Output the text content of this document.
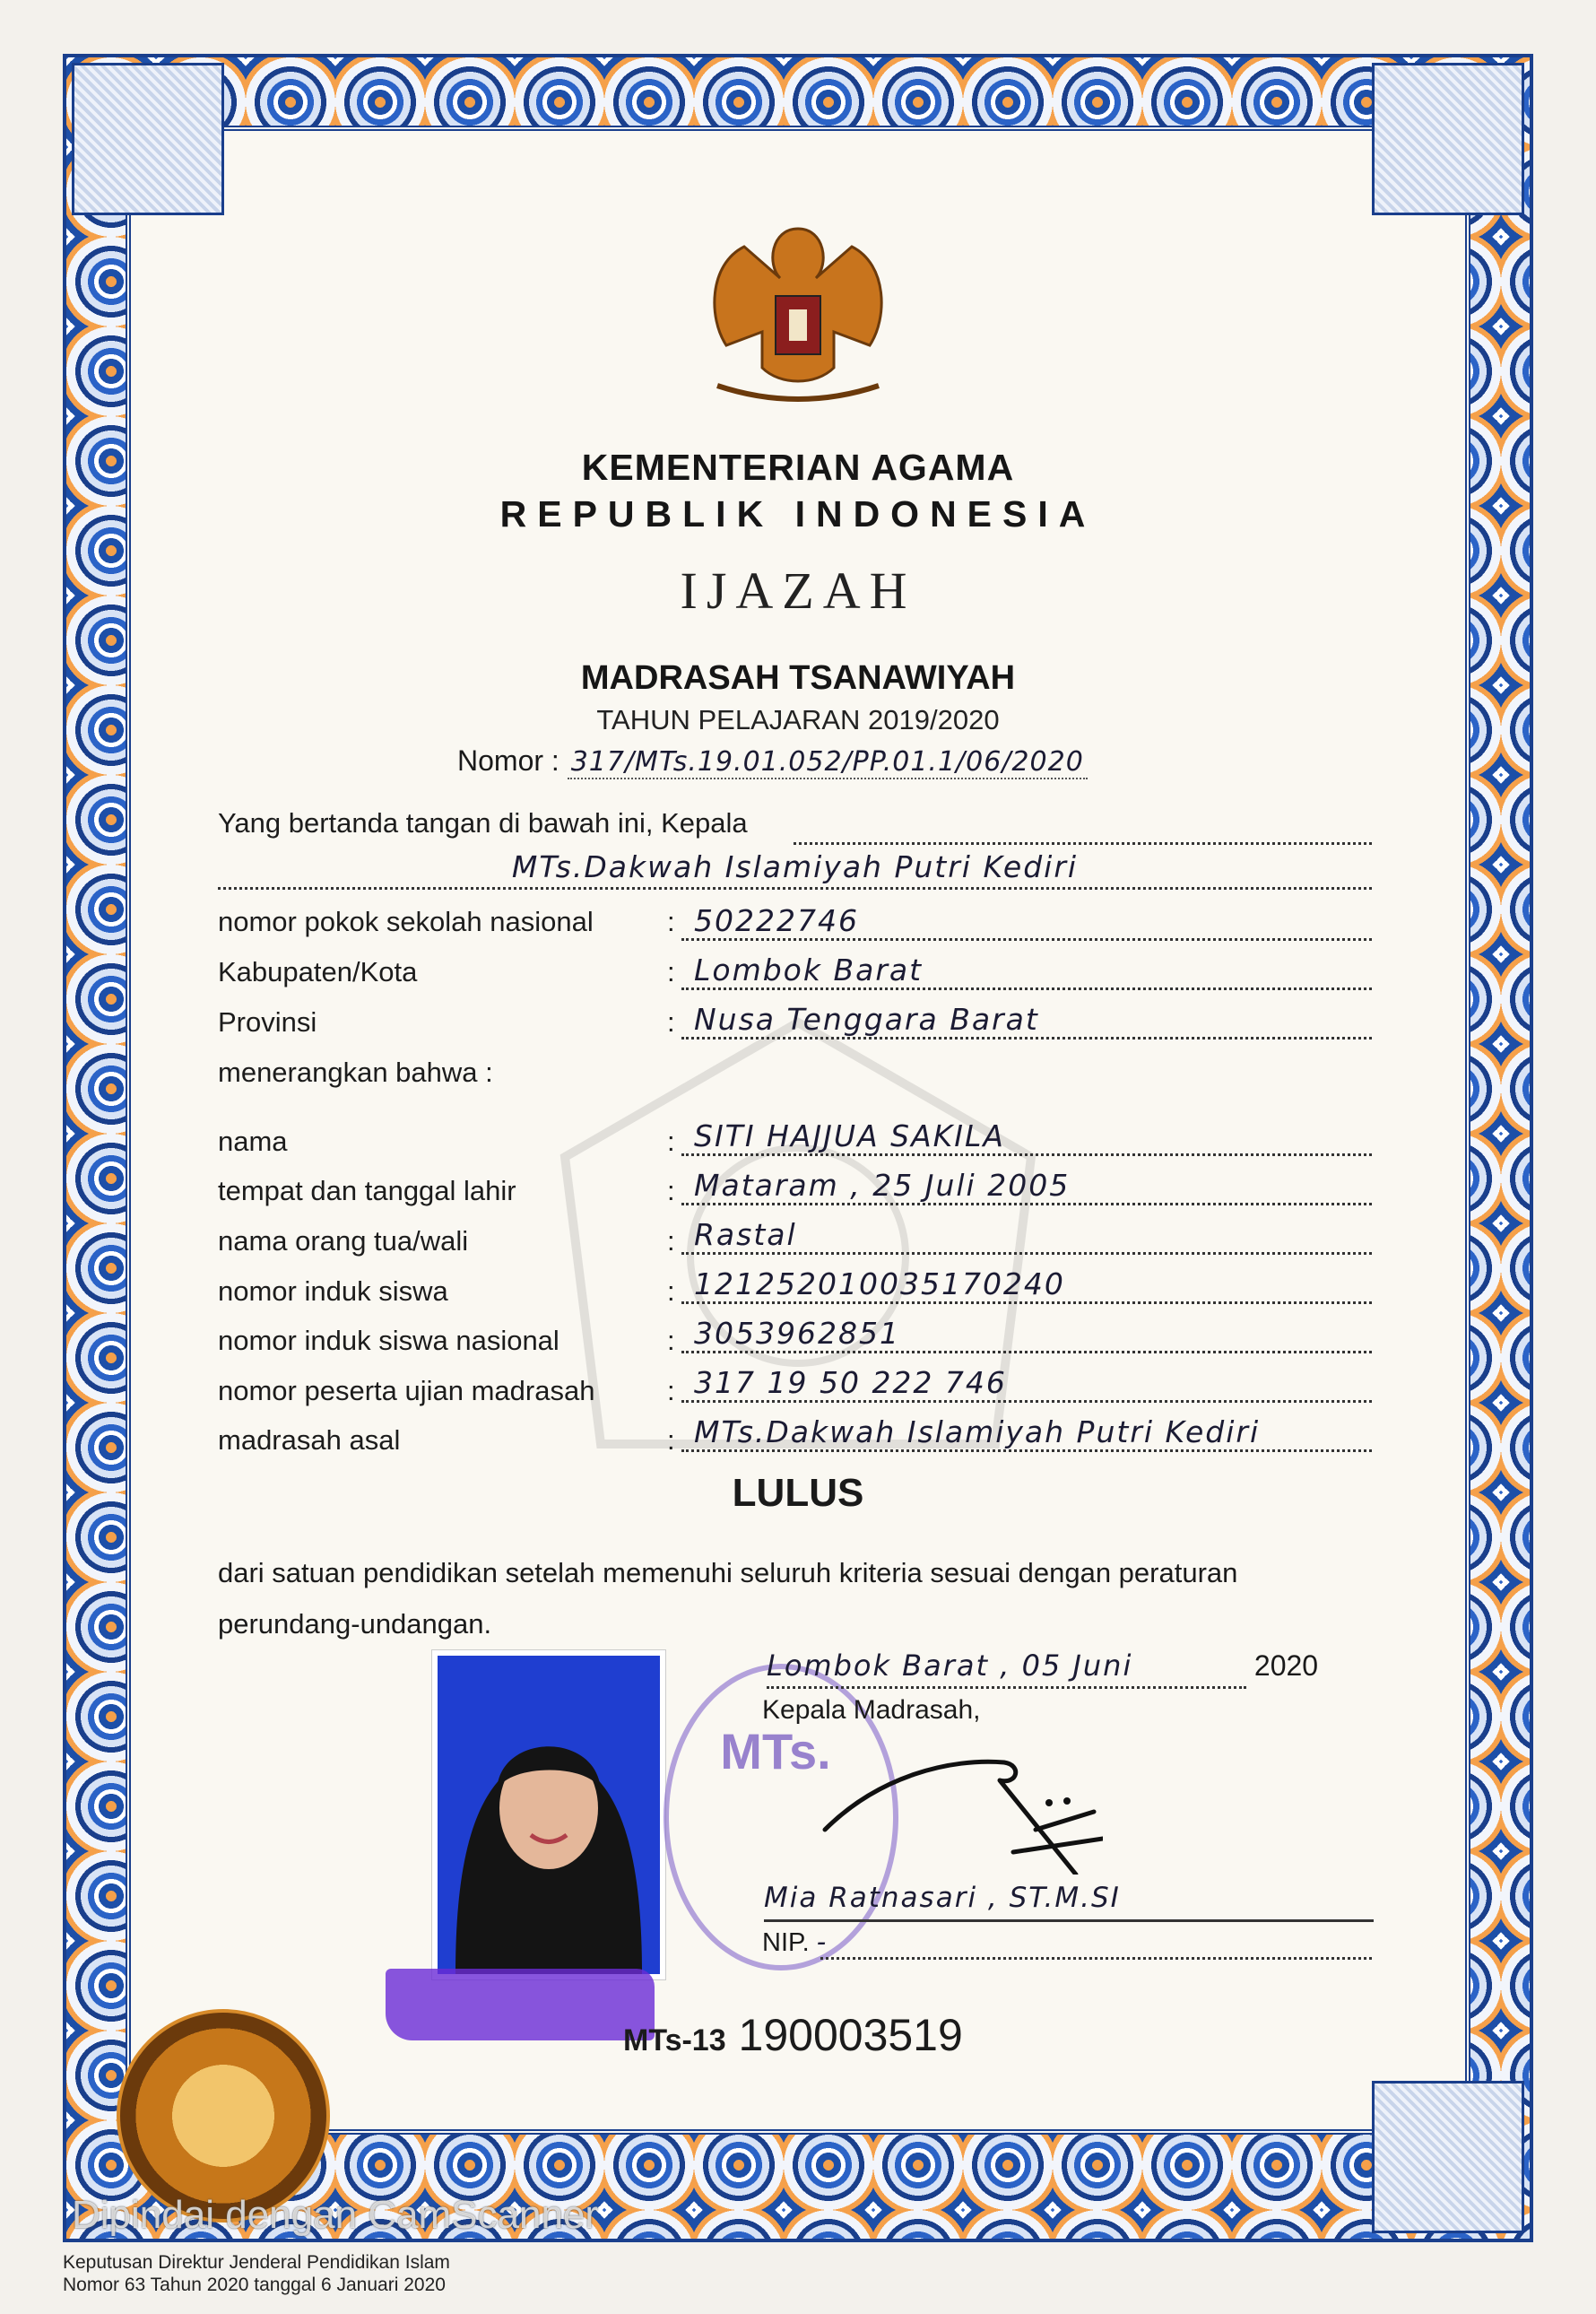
KEMENTERIAN AGAMA
REPUBLIK INDONESIA
IJAZAH
MADRASAH TSANAWIYAH
TAHUN PELAJARAN 2019/2020
Nomor : 317/MTs.19.01.052/PP.01.1/06/2020
Yang bertanda tangan di bawah ini, Kepala
MTs.Dakwah Islamiyah Putri Kediri
nomor pokok sekolah nasional	: 50222746
Kabupaten/Kota	: Lombok Barat
Provinsi	: Nusa Tenggara Barat
menerangkan bahwa :
nama	: SITI HAJJUA SAKILA
tempat dan tanggal lahir	: Mataram , 25 Juli 2005
nama orang tua/wali	: Rastal
nomor induk siswa	: 121252010035170240
nomor induk siswa nasional	: 3053962851
nomor peserta ujian madrasah	: 317 19 50 222 746
madrasah asal	: MTs.Dakwah Islamiyah Putri Kediri
LULUS
dari satuan pendidikan setelah memenuhi seluruh kriteria sesuai dengan peraturan perundang-undangan.
MTs.
Lombok Barat , 05 Juni	2020
Kepala Madrasah,
Mia Ratnasari , ST.M.SI
NIP. -
MTs-13 190003519
Dipindai dengan CamScanner
Keputusan Direktur Jenderal Pendidikan Islam
Nomor 63 Tahun 2020 tanggal 6 Januari 2020
